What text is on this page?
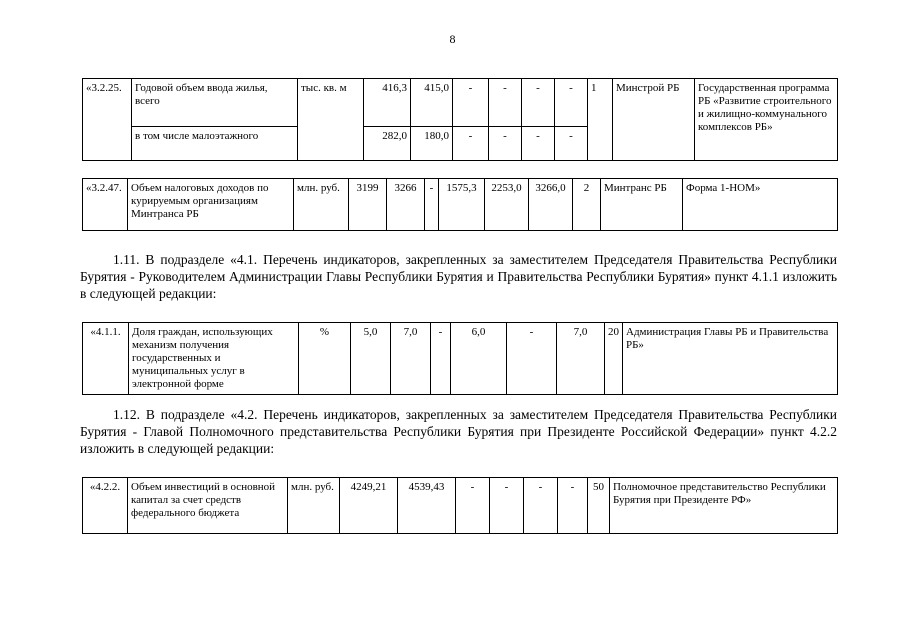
8
«3.2.25.	Годовой объем ввода жилья, всего	тыс. кв. м	416,3	415,0	-	-	-	-	1	Минстрой РБ	Государственная программа РБ «Развитие строительного и жилищно-коммунального комплексов РБ»
	в том числе малоэтажного		282,0	180,0	-	-	-	-			
«3.2.47.	Объем налоговых доходов по курируемым организациям Минтранса РБ	млн. руб.	3199	3266	-	1575,3	2253,0	3266,0	2	Минтранс РБ	Форма 1-НОМ»
1.11. В подразделе «4.1. Перечень индикаторов, закрепленных за заместителем Председателя Правительства Республики Бурятия - Руководителем Администрации Главы Республики Бурятия и Правительства Республики Бурятия» пункт 4.1.1 изложить в следующей редакции:
«4.1.1.	Доля граждан, использующих механизм получения государственных и муниципальных услуг в электронной форме	%	5,0	7,0	-	6,0	-	7,0	20	Администрация Главы РБ и Правительства РБ»
1.12. В подразделе «4.2. Перечень индикаторов, закрепленных за заместителем Председателя Правительства Республики Бурятия - Главой Полномочного представительства Республики Бурятия при Президенте Российской Федерации» пункт 4.2.2 изложить в следующей редакции:
«4.2.2.	Объем инвестиций в основной капитал за счет средств федерального бюджета	млн. руб.	4249,21	4539,43	-	-	-	-	50	Полномочное представительство Республики Бурятия при Президенте РФ»
